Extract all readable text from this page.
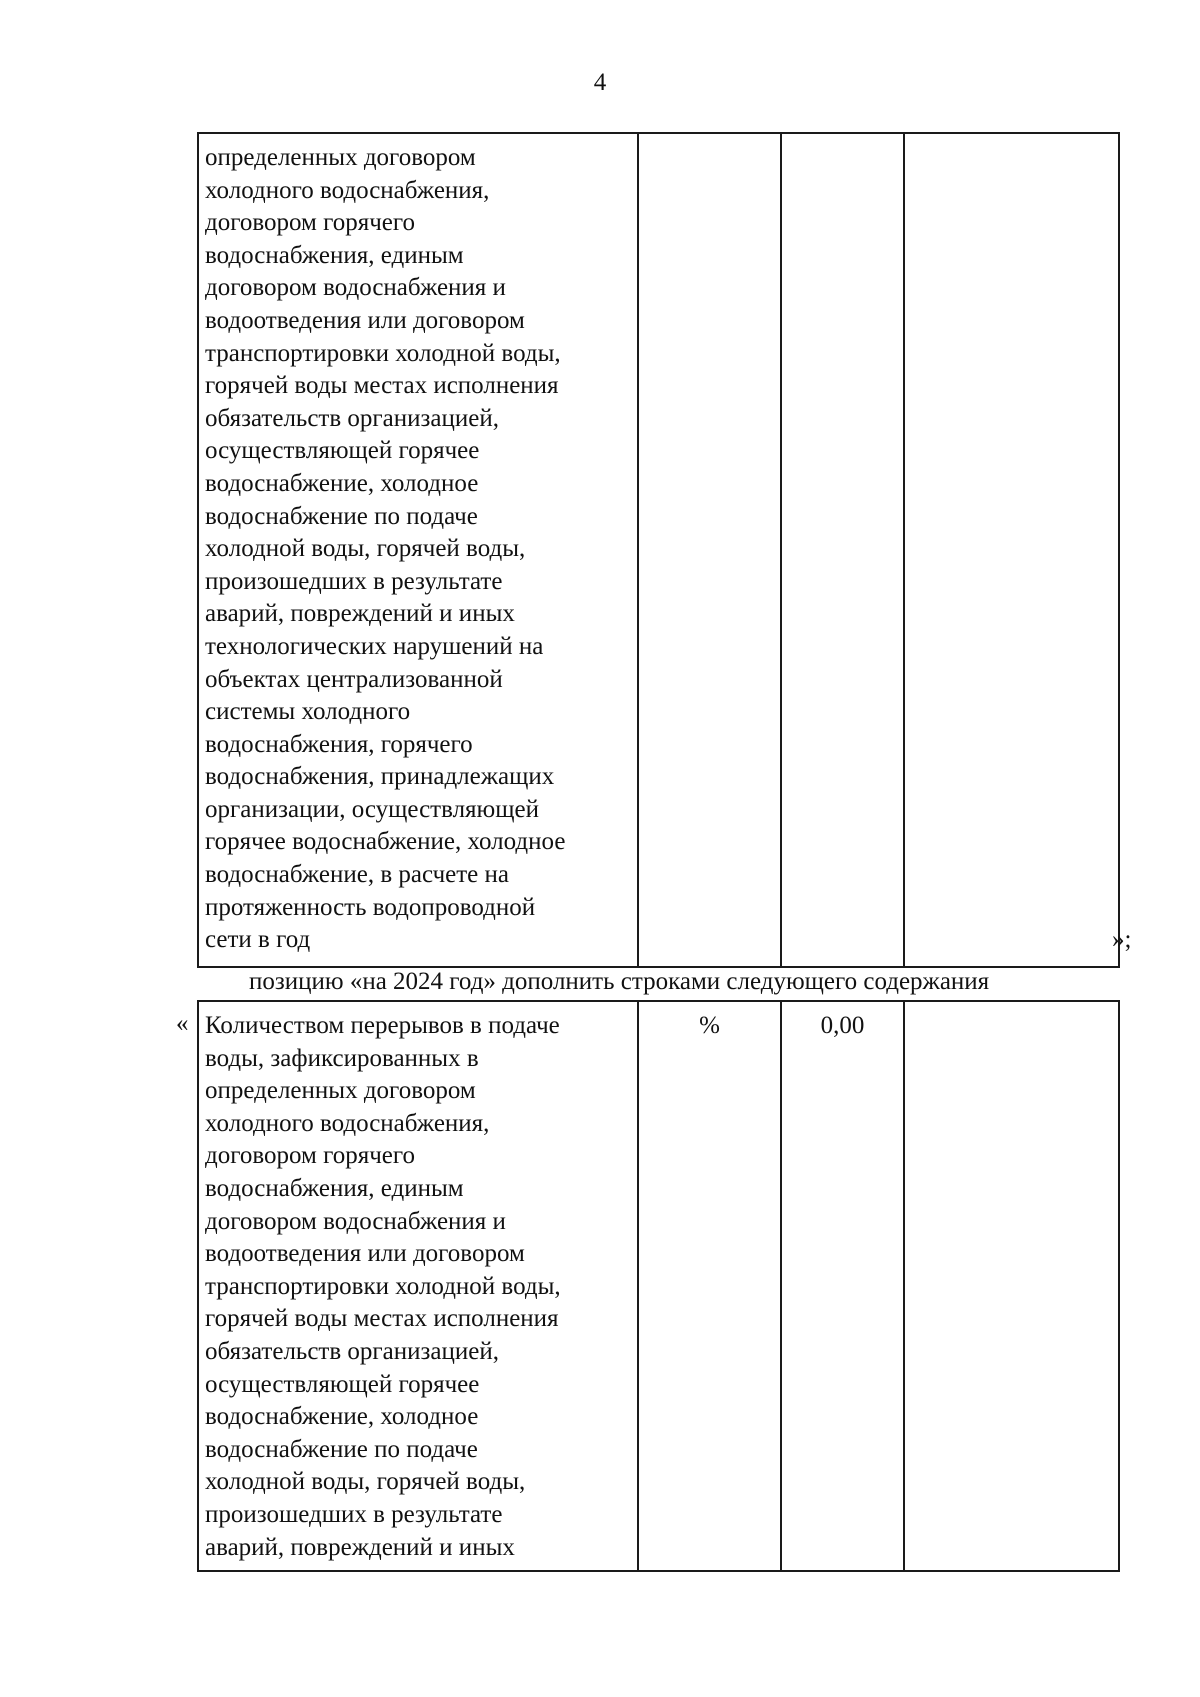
4
определенных договором
холодного водоснабжения,
договором горячего
водоснабжения, единым
договором водоснабжения и
водоотведения или договором
транспортировки холодной воды,
горячей воды местах исполнения
обязательств организацией,
осуществляющей горячее
водоснабжение, холодное
водоснабжение по подаче
холодной воды, горячей воды,
произошедших в результате
аварий, повреждений и иных
технологических нарушений на
объектах централизованной
системы холодного
водоснабжения, горячего
водоснабжения, принадлежащих
организации, осуществляющей
горячее водоснабжение, холодное
водоснабжение, в расчете на
протяженность водопроводной
сети в год
				»;
позицию «на 2024 год» дополнить строками следующего содержания
« Количеством перерывов в подаче
воды, зафиксированных в
определенных договором
холодного водоснабжения,
договором горячего
водоснабжения, единым
договором водоснабжения и
водоотведения или договором
транспортировки холодной воды,
горячей воды местах исполнения
обязательств организацией,
осуществляющей горячее
водоснабжение, холодное
водоснабжение по подаче
холодной воды, горячей воды,
произошедших в результате
аварий, повреждений и иных
	%	0,00	
